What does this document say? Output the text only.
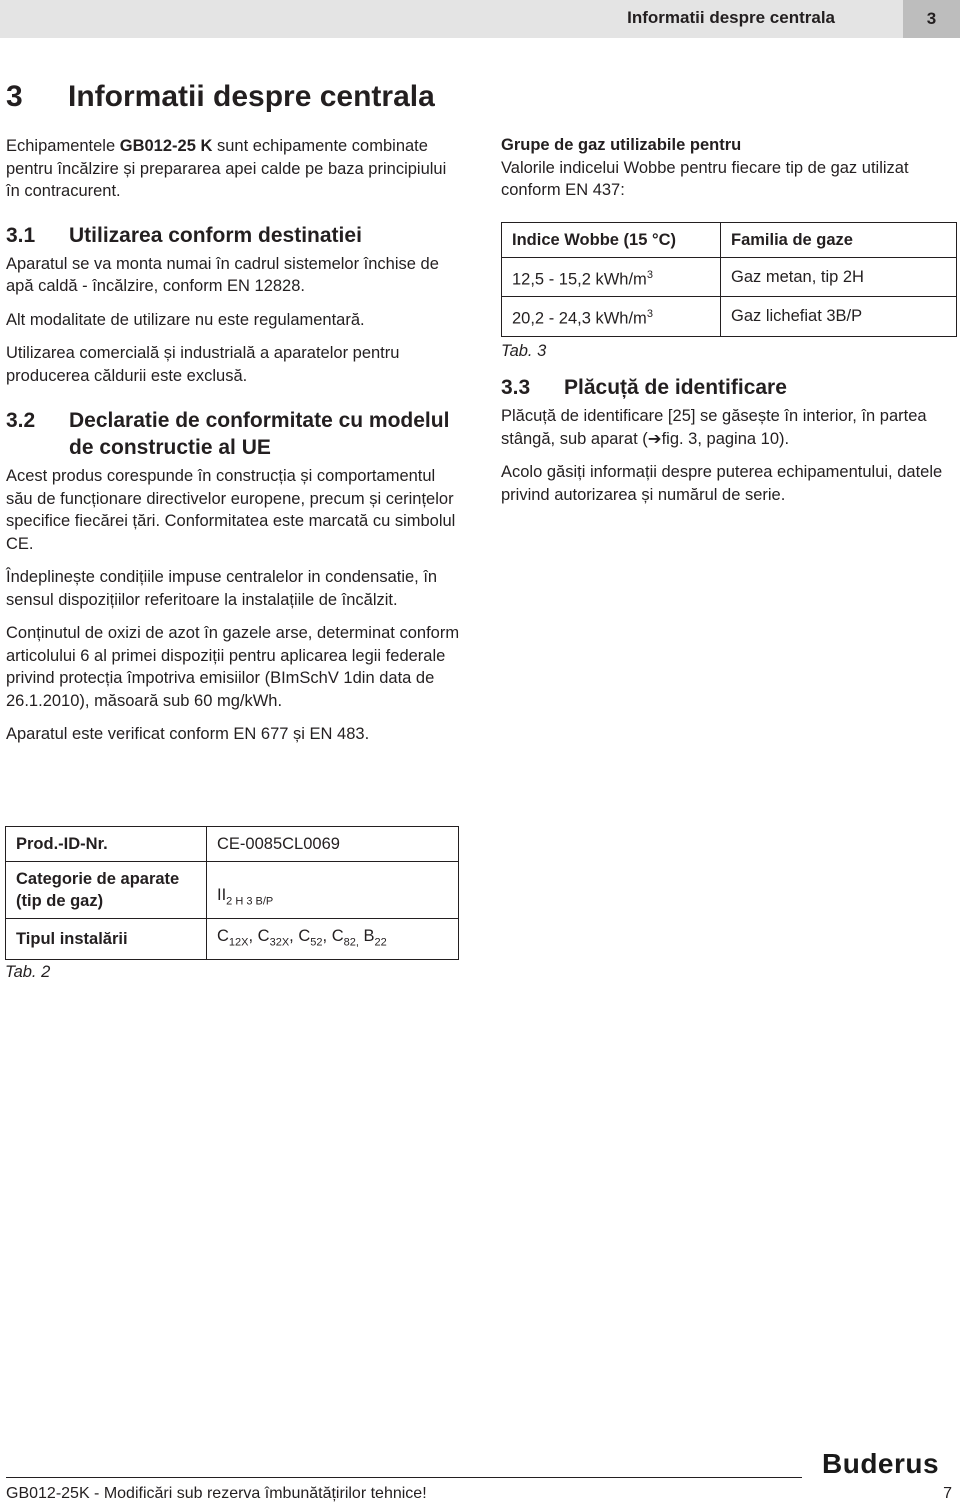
Informatii despre centrala	3
3 Informatii despre centrala

Echipamentele GB012-25 K sunt echipamente combinate pentru încălzire și prepararea apei calde pe baza principiului în contracurent.

3.1	Utilizarea conform destinatiei

Aparatul se va monta numai în cadrul sistemelor închise de apă caldă - încălzire, conform EN 12828.

Alt modalitate de utilizare nu este regulamentară.

Utilizarea comercială și industrială a aparatelor pentru producerea căldurii este exclusă.

3.2	Declaratie de conformitate cu modelul de constructie al UE

Acest produs corespunde în construcția și comportamentul său de funcționare directivelor europene, precum și cerințelor specifice fiecărei țări. Conformitatea este marcată cu simbolul CE.

Îndeplinește condițiile impuse centralelor in condensatie, în sensul dispozițiilor referitoare la instalațiile de încălzit.

Conținutul de oxizi de azot în gazele arse, determinat conform articolului 6 al primei dispoziții pentru aplicarea legii federale privind protecția împotriva emisiilor (BImSchV 1din data de 26.1.2010), măsoară sub 60 mg/kWh.

Aparatul este verificat conform EN 677 și EN 483.

Prod.-ID-Nr.	CE-0085CL0069
Categorie de aparate (tip de gaz)	$II_{2 H 3 B/P}$
Tipul instalării	$C_{12X}$, $C_{32X}$, $C_{52}$, $C_{82,}$ $B_{22}$
Tab. 2
Grupe de gaz utilizabile pentru

Valorile indicelui Wobbe pentru fiecare tip de gaz utilizat conform EN 437:

Indice Wobbe (15 °C)	Familia de gaze
12,5 - 15,2 kWh/$m^3$	Gaz metan, tip 2H
20,2 - 24,3 kWh/$m^3$	Gaz lichefiat 3B/P
Tab. 3
3.3	Plăcuță de identificare

Plăcuță de identificare [25] se găsește în interior, în partea stângă, sub aparat (➔fig. 3, pagina 10).

Acolo găsiți informații despre puterea echipamentului, datele privind autorizarea și numărul de serie.

Buderus
GB012-25K - Modificări sub rezerva îmbunătățirilor tehnice!	7
